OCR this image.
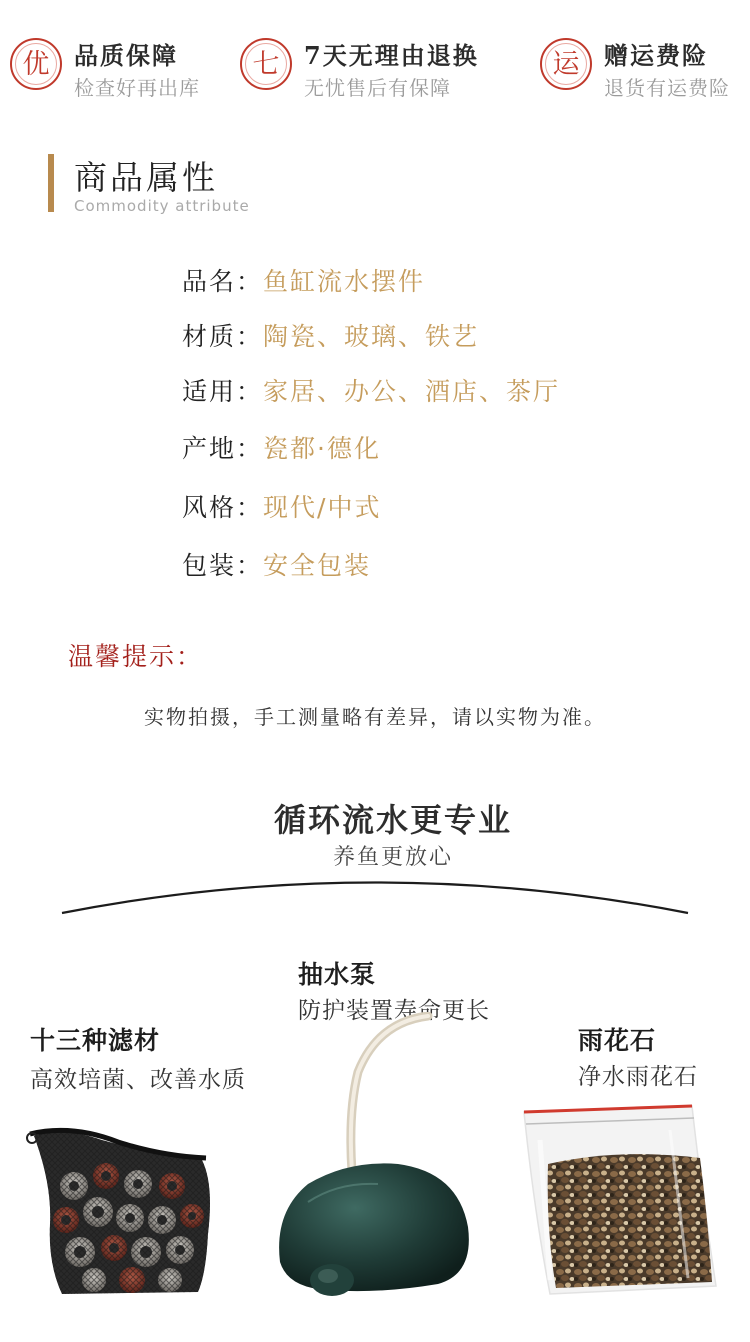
优	品质保障
检查好再出库
七	7天无理由退换
无忧售后有保障
运	赠运费险
退货有运费险
商品属性
Commodity attribute
品名：鱼缸流水摆件
材质：陶瓷、玻璃、铁艺
适用：家居、办公、酒店、茶厅
产地：瓷都·德化
风格：现代/中式
包装：安全包装
温馨提示：
实物拍摄，手工测量略有差异，请以实物为准。
循环流水更专业
养鱼更放心
十三种滤材
高效培菌、改善水质
抽水泵
防护装置寿命更长
雨花石
净水雨花石
